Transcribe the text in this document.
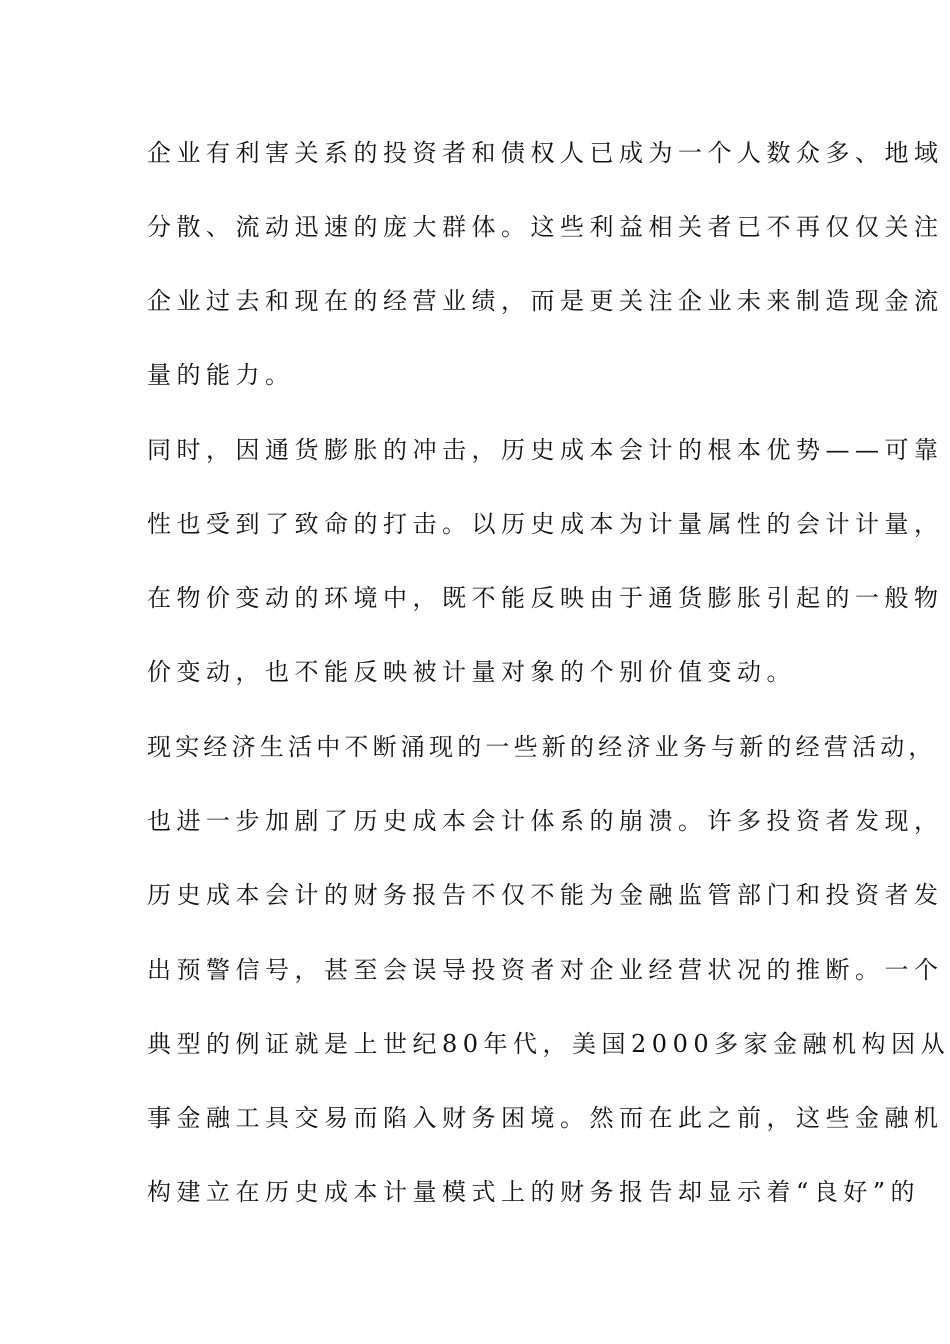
企业有利害关系的投资者和债权人已成为一个人数众多、地域
分散、流动迅速的庞大群体。这些利益相关者已不再仅仅关注
企业过去和现在的经营业绩，而是更关注企业未来制造现金流
量的能力。
同时，因通货膨胀的冲击，历史成本会计的根本优势——可靠
性也受到了致命的打击。以历史成本为计量属性的会计计量，
在物价变动的环境中，既不能反映由于通货膨胀引起的一般物
价变动，也不能反映被计量对象的个别价值变动。
现实经济生活中不断涌现的一些新的经济业务与新的经营活动，
也进一步加剧了历史成本会计体系的崩溃。许多投资者发现，
历史成本会计的财务报告不仅不能为金融监管部门和投资者发
出预警信号，甚至会误导投资者对企业经营状况的推断。一个
典型的例证就是上世纪80年代，美国2000多家金融机构因从
事金融工具交易而陷入财务困境。然而在此之前，这些金融机
构建立在历史成本计量模式上的财务报告却显示着“良好”的
